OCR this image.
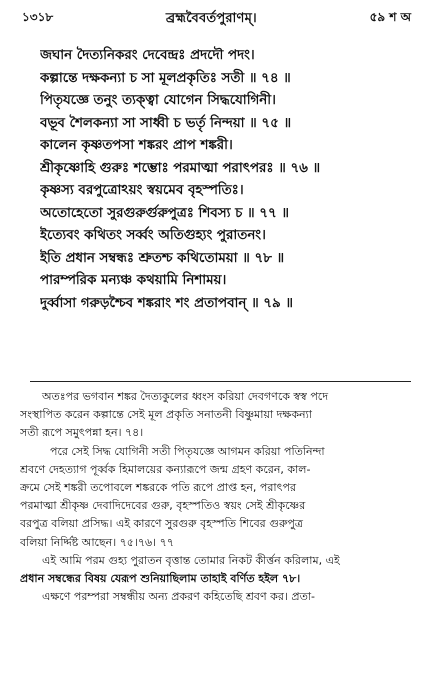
১৩১৮	ব্রহ্মবৈবর্তপুরাণম্।	৫৯ শ অ
জঘান দৈত্যনিকরং দেবেন্দ্রঃ প্রদদৌ পদং।
কল্পান্তে দক্ষকন্যা চ সা মূলপ্রকৃতিঃ সতী ॥ ৭৪ ॥
পিতৃযজ্ঞে তনুং ত্যক্ত্বা যোগেন সিদ্ধযোগিনী।
বভূব শৈলকন্যা সা সাধ্বী চ ভর্তৃ নিন্দয়া ॥ ৭৫ ॥
কালেন কৃষ্ণতপসা শঙ্করং প্রাপ শঙ্করী।
শ্রীকৃষ্ণোহি গুরুঃ শম্ভোঃ পরমাত্মা পরাৎপরঃ ॥ ৭৬ ॥
কৃষ্ণস্য বরপুত্রোঽয়ং স্বয়মেব বৃহস্পতিঃ।
অতোহেতো সুরগুরুর্গুরুপুত্রঃ শিবস্য চ ॥ ৭৭ ॥
ইত্যেবং কথিতং সর্ব্বং অতিগুহ্যং পুরাতনং।
ইতি প্রধান সম্বন্ধঃ শ্রুতশ্চ কথিতোময়া ॥ ৭৮ ॥
পারম্পরিক মন্যঞ্চ কথয়ামি নিশাময়।
দুর্ব্বাসা গরুড়শ্চৈব শঙ্করাং শং প্রতাপবান্ ॥ ৭৯ ॥
অতঃপর ভগবান শঙ্কর দৈত্যকুলের ধ্বংস করিয়া দেবগণকে স্বস্ব পদে
সংস্থাপিত করেন কল্পান্তে সেই মূল প্রকৃতি সনাতনী বিষ্ণুমায়া দক্ষকন্যা
সতী রূপে সমুৎপন্না হন। ৭৪।
পরে সেই সিদ্ধ যোগিনী সতী পিতৃযজ্ঞে আগমন করিয়া পতিনিন্দা
শ্রবণে দেহত্যাগ পূর্ব্বক হিমালয়ের কন্যারূপে জন্ম গ্রহণ করেন, কাল-
ক্রমে সেই শঙ্করী তপোবলে শঙ্করকে পতি রূপে প্রাপ্ত হন, পরাৎপর
পরমাত্মা শ্রীকৃষ্ণ দেবাদিদেবের গুরু, বৃহস্পতিও স্বয়ং সেই শ্রীকৃষ্ণের
বরপুত্র বলিয়া প্রসিদ্ধ। এই কারণে সুরগুরু বৃহস্পতি শিবের গুরুপুত্র
বলিয়া নির্দ্দিষ্ট আছেন। ৭৫।৭৬। ৭৭
এই আমি পরম গুহ্য পুরাতন বৃত্তান্ত তোমার নিকট কীর্ত্তন করিলাম, এই
প্রধান সম্বন্ধের বিষয় যেরূপ শুনিয়াছিলাম তাহাই বর্ণিত হইল ৭৮।
এক্ষণে পরম্পরা সম্বন্ধীয় অন্য প্রকরণ কহিতেছি শ্রবণ কর। প্রতা-
